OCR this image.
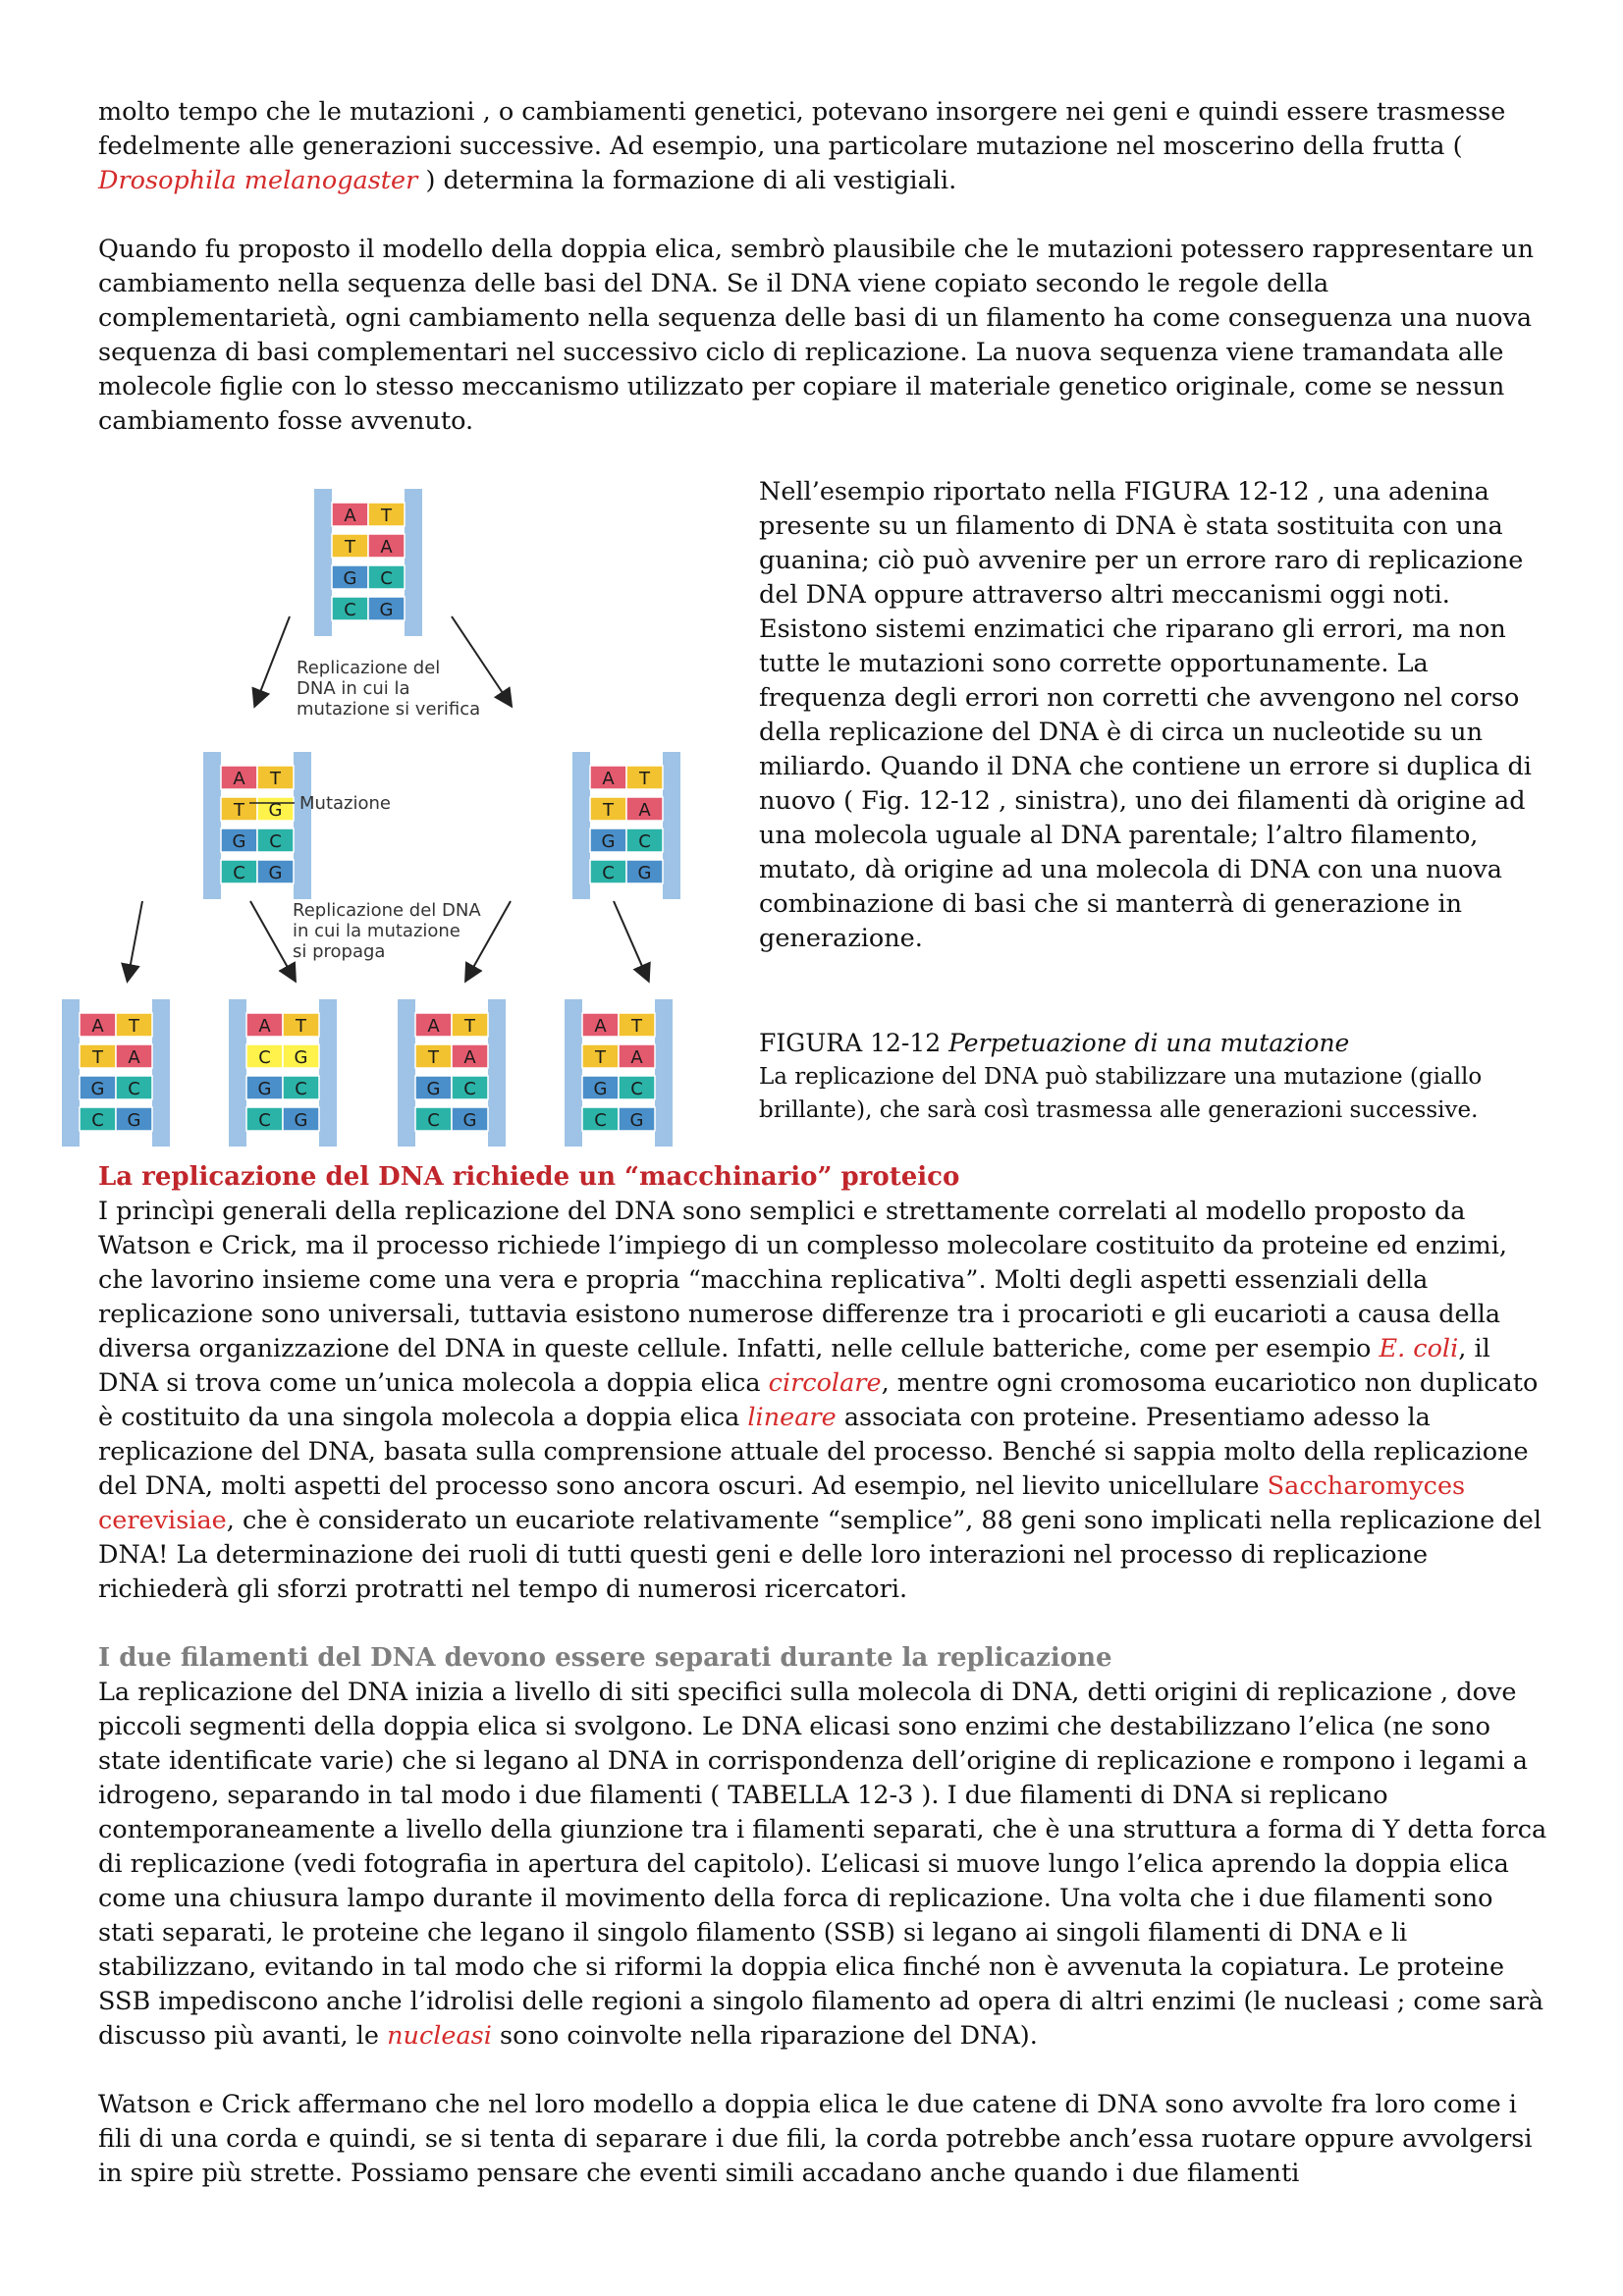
molto tempo che le mutazioni , o cambiamenti genetici, potevano insorgere nei geni e quindi essere trasmesse fedelmente alle generazioni successive. Ad esempio, una particolare mutazione nel moscerino della frutta ( Drosophila melanogaster ) determina la formazione di ali vestigiali.

Quando fu proposto il modello della doppia elica, sembrò plausibile che le mutazioni potessero rappresentare un cambiamento nella sequenza delle basi del DNA. Se il DNA viene copiato secondo le regole della complementarietà, ogni cambiamento nella sequenza delle basi di un filamento ha come conseguenza una nuova sequenza di basi complementari nel successivo ciclo di replicazione. La nuova sequenza viene tramandata alle molecole figlie con lo stesso meccanismo utilizzato per copiare il materiale genetico originale, come se nessun cambiamento fosse avvenuto.

A T
T A
G C
C G
A T
T G
G C
C G
A T
T A
G C
C G
A T
T A
G C
C G
A T
C G
G C
C G
A T
T A
G C
C G
A T
T A
G C
C G
Replicazione del
DNA in cui la
mutazione si verifica
Mutazione
Replicazione del DNA
in cui la mutazione
si propaga
Nell’esempio riportato nella FIGURA 12-12 , una adenina presente su un filamento di DNA è stata sostituita con una guanina; ciò può avvenire per un errore raro di replicazione del DNA oppure attraverso altri meccanismi oggi noti. Esistono sistemi enzimatici che riparano gli errori, ma non tutte le mutazioni sono corrette opportunamente. La frequenza degli errori non corretti che avvengono nel corso della replicazione del DNA è di circa un nucleotide su un miliardo. Quando il DNA che contiene un errore si duplica di nuovo ( Fig. 12-12 , sinistra), uno dei filamenti dà origine ad una molecola uguale al DNA parentale; l’altro filamento, mutato, dà origine ad una molecola di DNA con una nuova combinazione di basi che si manterrà di generazione in generazione.
FIGURA 12-12 Perpetuazione di una mutazione
La replicazione del DNA può stabilizzare una mutazione (giallo brillante), che sarà così trasmessa alle generazioni successive.
La replicazione del DNA richiede un “macchinario” proteico

I princìpi generali della replicazione del DNA sono semplici e strettamente correlati al modello proposto da Watson e Crick, ma il processo richiede l’impiego di un complesso molecolare costituito da proteine ed enzimi, che lavorino insieme come una vera e propria “macchina replicativa”. Molti degli aspetti essenziali della replicazione sono universali, tuttavia esistono numerose differenze tra i procarioti e gli eucarioti a causa della diversa organizzazione del DNA in queste cellule. Infatti, nelle cellule batteriche, come per esempio E. coli, il DNA si trova come un’unica molecola a doppia elica circolare, mentre ogni cromosoma eucariotico non duplicato è costituito da una singola molecola a doppia elica lineare associata con proteine. Presentiamo adesso la replicazione del DNA, basata sulla comprensione attuale del processo. Benché si sappia molto della replicazione del DNA, molti aspetti del processo sono ancora oscuri. Ad esempio, nel lievito unicellulare Saccharomyces cerevisiae, che è considerato un eucariote relativamente “semplice”, 88 geni sono implicati nella replicazione del DNA! La determinazione dei ruoli di tutti questi geni e delle loro interazioni nel processo di replicazione richiederà gli sforzi protratti nel tempo di numerosi ricercatori.

I due filamenti del DNA devono essere separati durante la replicazione

La replicazione del DNA inizia a livello di siti specifici sulla molecola di DNA, detti origini di replicazione , dove piccoli segmenti della doppia elica si svolgono. Le DNA elicasi sono enzimi che destabilizzano l’elica (ne sono state identificate varie) che si legano al DNA in corrispondenza dell’origine di replicazione e rompono i legami a idrogeno, separando in tal modo i due filamenti ( TABELLA 12-3 ). I due filamenti di DNA si replicano contemporaneamente a livello della giunzione tra i filamenti separati, che è una struttura a forma di Y detta forca di replicazione (vedi fotografia in apertura del capitolo). L’elicasi si muove lungo l’elica aprendo la doppia elica come una chiusura lampo durante il movimento della forca di replicazione. Una volta che i due filamenti sono stati separati, le proteine che legano il singolo filamento (SSB) si legano ai singoli filamenti di DNA e li stabilizzano, evitando in tal modo che si riformi la doppia elica finché non è avvenuta la copiatura. Le proteine SSB impediscono anche l’idrolisi delle regioni a singolo filamento ad opera di altri enzimi (le nucleasi ; come sarà discusso più avanti, le nucleasi sono coinvolte nella riparazione del DNA).

Watson e Crick affermano che nel loro modello a doppia elica le due catene di DNA sono avvolte fra loro come i fili di una corda e quindi, se si tenta di separare i due fili, la corda potrebbe anch’essa ruotare oppure avvolgersi in spire più strette. Possiamo pensare che eventi simili accadano anche quando i due filamenti
